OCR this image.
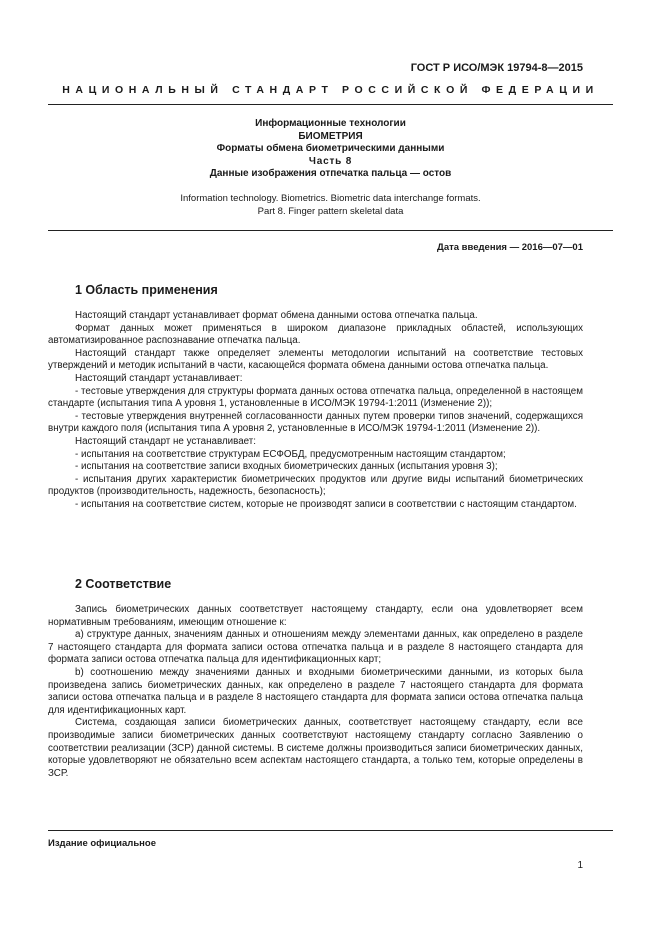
ГОСТ Р ИСО/МЭК 19794-8—2015
НАЦИОНАЛЬНЫЙ СТАНДАРТ РОССИЙСКОЙ ФЕДЕРАЦИИ
Информационные технологии
БИОМЕТРИЯ
Форматы обмена биометрическими данными
Часть 8
Данные изображения отпечатка пальца — остов
Information technology. Biometrics. Biometric data interchange formats.
Part 8. Finger pattern skeletal data
Дата введения — 2016—07—01
1 Область применения

Настоящий стандарт устанавливает формат обмена данными остова отпечатка пальца.

Формат данных может применяться в широком диапазоне прикладных областей, использующих автоматизированное распознавание отпечатка пальца.

Настоящий стандарт также определяет элементы методологии испытаний на соответствие тестовых утверждений и методик испытаний в части, касающейся формата обмена данными остова отпечатка пальца.

Настоящий стандарт устанавливает:

- тестовые утверждения для структуры формата данных остова отпечатка пальца, определенной в настоящем стандарте (испытания типа А уровня 1, установленные в ИСО/МЭК 19794-1:2011 (Изменение 2));

- тестовые утверждения внутренней согласованности данных путем проверки типов значений, содержащихся внутри каждого поля (испытания типа А уровня 2, установленные в ИСО/МЭК 19794-1:2011 (Изменение 2)).

Настоящий стандарт не устанавливает:

- испытания на соответствие структурам ЕСФОБД, предусмотренным настоящим стандартом;

- испытания на соответствие записи входных биометрических данных (испытания уровня 3);

- испытания других характеристик биометрических продуктов или другие виды испытаний биометрических продуктов (производительность, надежность, безопасность);

- испытания на соответствие систем, которые не производят записи в соответствии с настоящим стандартом.

2 Соответствие

Запись биометрических данных соответствует настоящему стандарту, если она удовлетворяет всем нормативным требованиям, имеющим отношение к:

a) структуре данных, значениям данных и отношениям между элементами данных, как определено в разделе 7 настоящего стандарта для формата записи остова отпечатка пальца и в разделе 8 настоящего стандарта для формата записи остова отпечатка пальца для идентификационных карт;

b) соотношению между значениями данных и входными биометрическими данными, из которых была произведена запись биометрических данных, как определено в разделе 7 настоящего стандарта для формата записи остова отпечатка пальца и в разделе 8 настоящего стандарта для формата записи остова отпечатка пальца для идентификационных карт.

Система, создающая записи биометрических данных, соответствует настоящему стандарту, если все производимые записи биометрических данных соответствуют настоящему стандарту согласно Заявлению о соответствии реализации (ЗСР) данной системы. В системе должны производиться записи биометрических данных, которые удовлетворяют не обязательно всем аспектам настоящего стандарта, а только тем, которые определены в ЗСР.

Издание официальное
1
